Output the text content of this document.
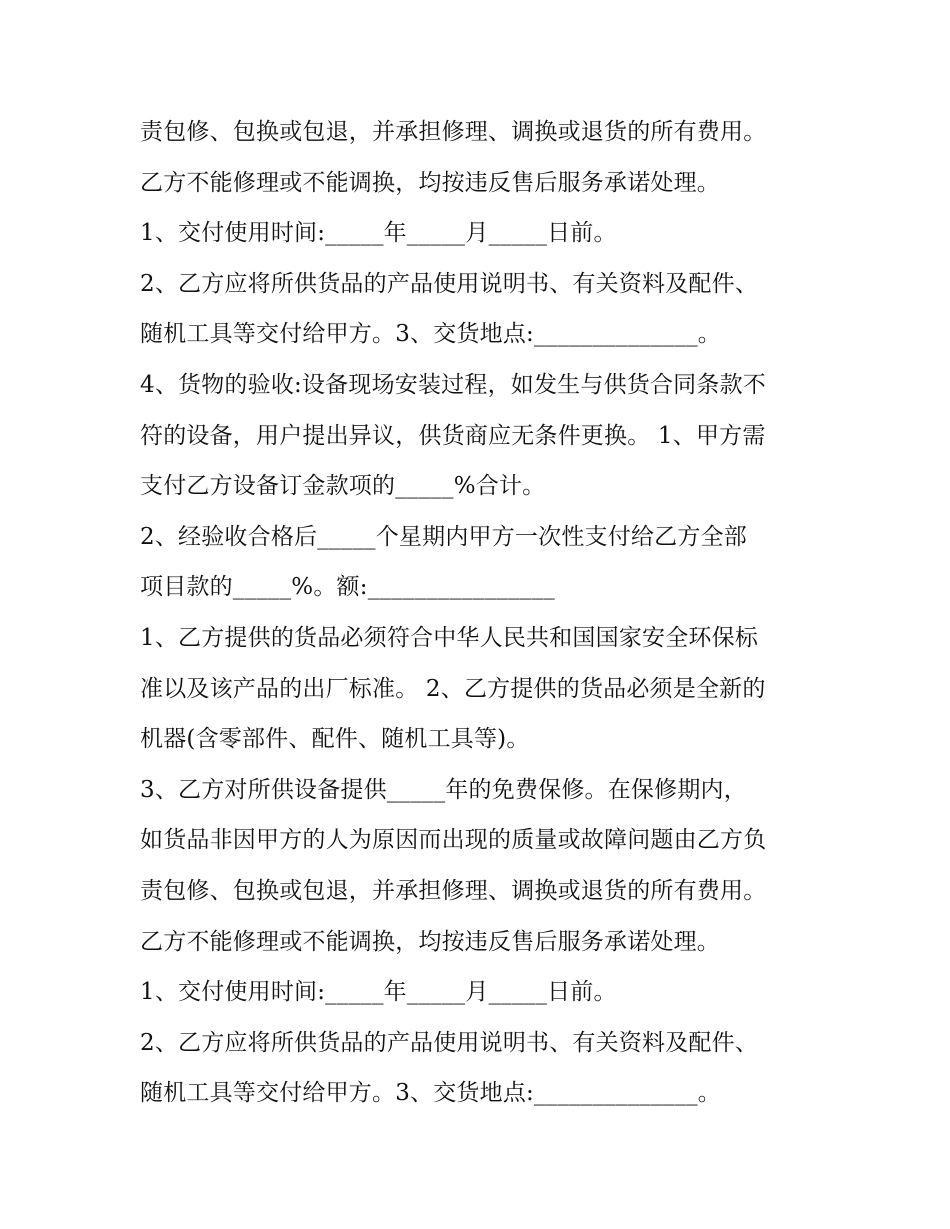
责包修、包换或包退，并承担修理、调换或退货的所有费用。
乙方不能修理或不能调换，均按违反售后服务承诺处理。
1、交付使用时间:_____年_____月_____日前。
2、乙方应将所供货品的产品使用说明书、有关资料及配件、
随机工具等交付给甲方。3、交货地点:______________。
4、货物的验收:设备现场安装过程，如发生与供货合同条款不
符的设备，用户提出异议，供货商应无条件更换。 1、甲方需
支付乙方设备订金款项的_____%合计。
2、经验收合格后_____个星期内甲方一次性支付给乙方全部
项目款的_____%。额:________________
1、乙方提供的货品必须符合中华人民共和国国家安全环保标
准以及该产品的出厂标准。 2、乙方提供的货品必须是全新的
机器(含零部件、配件、随机工具等)。
3、乙方对所供设备提供_____年的免费保修。在保修期内，
如货品非因甲方的人为原因而出现的质量或故障问题由乙方负
责包修、包换或包退，并承担修理、调换或退货的所有费用。
乙方不能修理或不能调换，均按违反售后服务承诺处理。
1、交付使用时间:_____年_____月_____日前。
2、乙方应将所供货品的产品使用说明书、有关资料及配件、
随机工具等交付给甲方。3、交货地点:______________。
